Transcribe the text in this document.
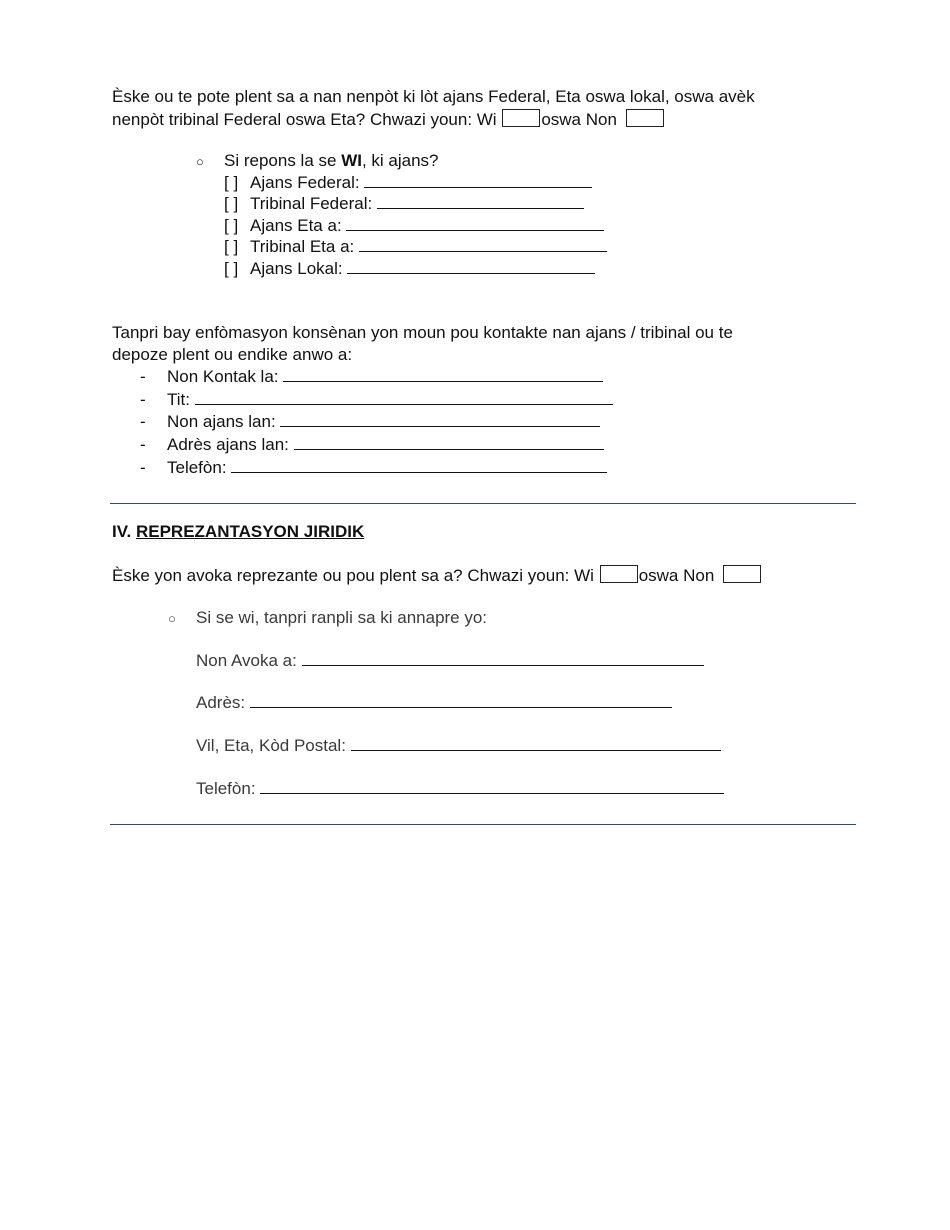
Èske ou te pote plent sa a nan nenpòt ki lòt ajans Federal, Eta oswa lokal, oswa avèk
nenpòt tribinal Federal oswa Eta? Chwazi youn: Wi	oswa Non
○ Si repons la se WI, ki ajans?
[ ] Ajans Federal:
[ ] Tribinal Federal:
[ ] Ajans Eta a:
[ ] Tribinal Eta a:
[ ] Ajans Lokal:
Tanpri bay enfòmasyon konsènan yon moun pou kontakte nan ajans / tribinal ou te
depoze plent ou endike anwo a:
- Non Kontak la:
- Tit:
- Non ajans lan:
- Adrès ajans lan:
- Telefòn:
IV. REPREZANTASYON JIRIDIK
Èske yon avoka reprezante ou pou plent sa a? Chwazi youn: Wi	oswa Non
○ Si se wi, tanpri ranpli sa ki annapre yo:
Non Avoka a:
Adrès:
Vil, Eta, Kòd Postal:
Telefòn:
